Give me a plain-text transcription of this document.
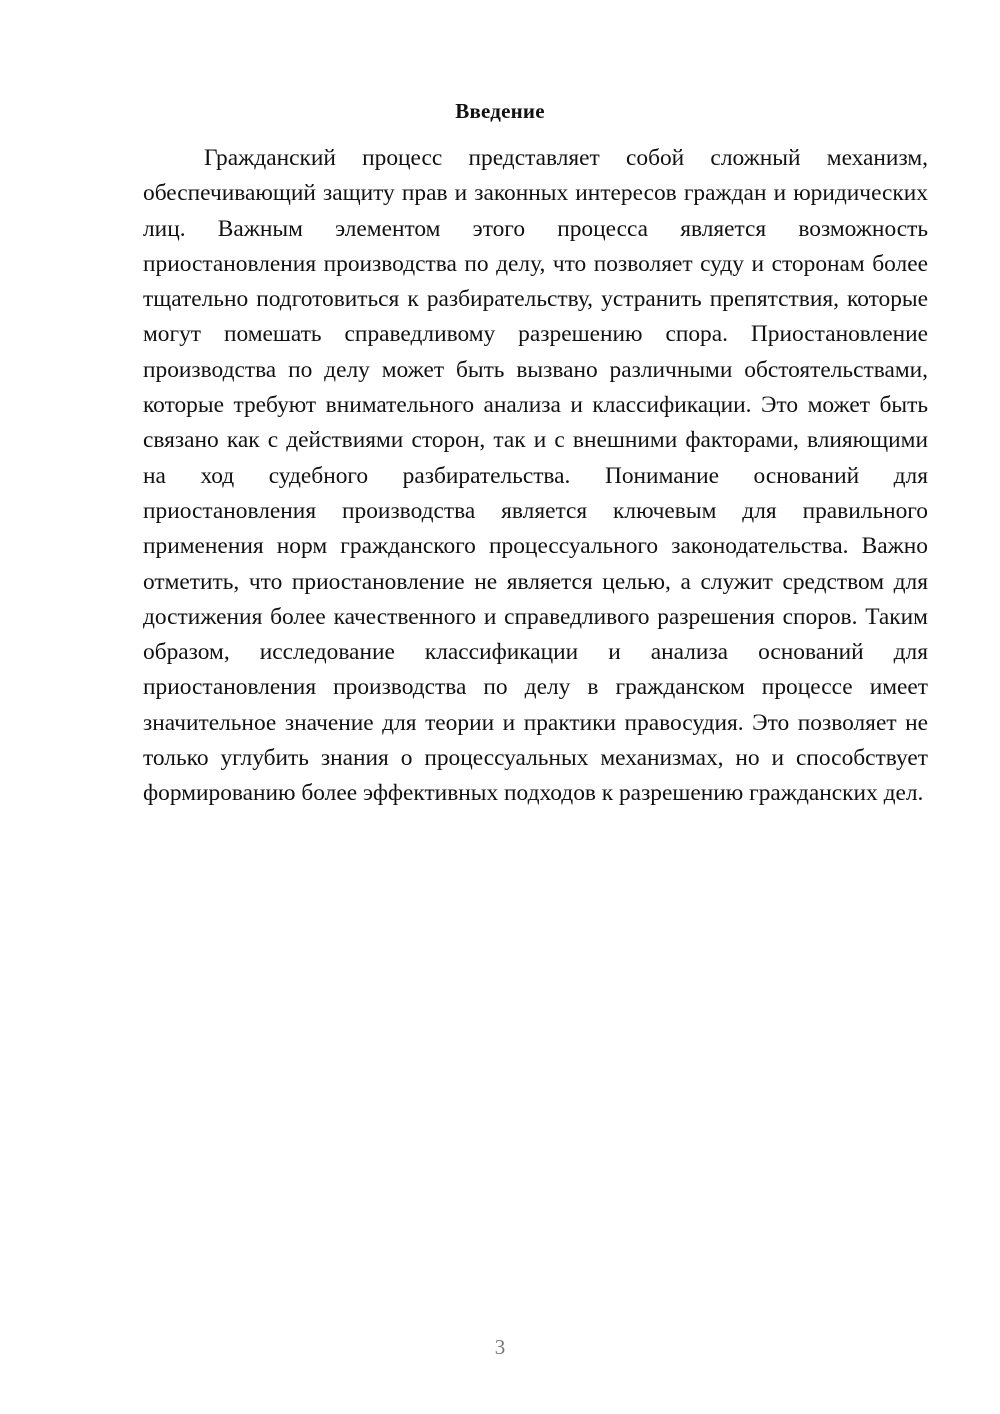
Введение

Гражданский процесс представляет собой сложный механизм, обеспечивающий защиту прав и законных интересов граждан и юридических лиц. Важным элементом этого процесса является возможность приостановления производства по делу, что позволяет суду и сторонам более тщательно подготовиться к разбирательству, устранить препятствия, которые могут помешать справедливому разрешению спора. Приостановление производства по делу может быть вызвано различными обстоятельствами, которые требуют внимательного анализа и классификации. Это может быть связано как с действиями сторон, так и с внешними факторами, влияющими на ход судебного разбирательства. Понимание оснований для приостановления производства является ключевым для правильного применения норм гражданского процессуального законодательства. Важно отметить, что приостановление не является целью, а служит средством для достижения более качественного и справедливого разрешения споров. Таким образом, исследование классификации и анализа оснований для приостановления производства по делу в гражданском процессе имеет значительное значение для теории и практики правосудия. Это позволяет не только углубить знания о процессуальных механизмах, но и способствует формированию более эффективных подходов к разрешению гражданских дел.

3
